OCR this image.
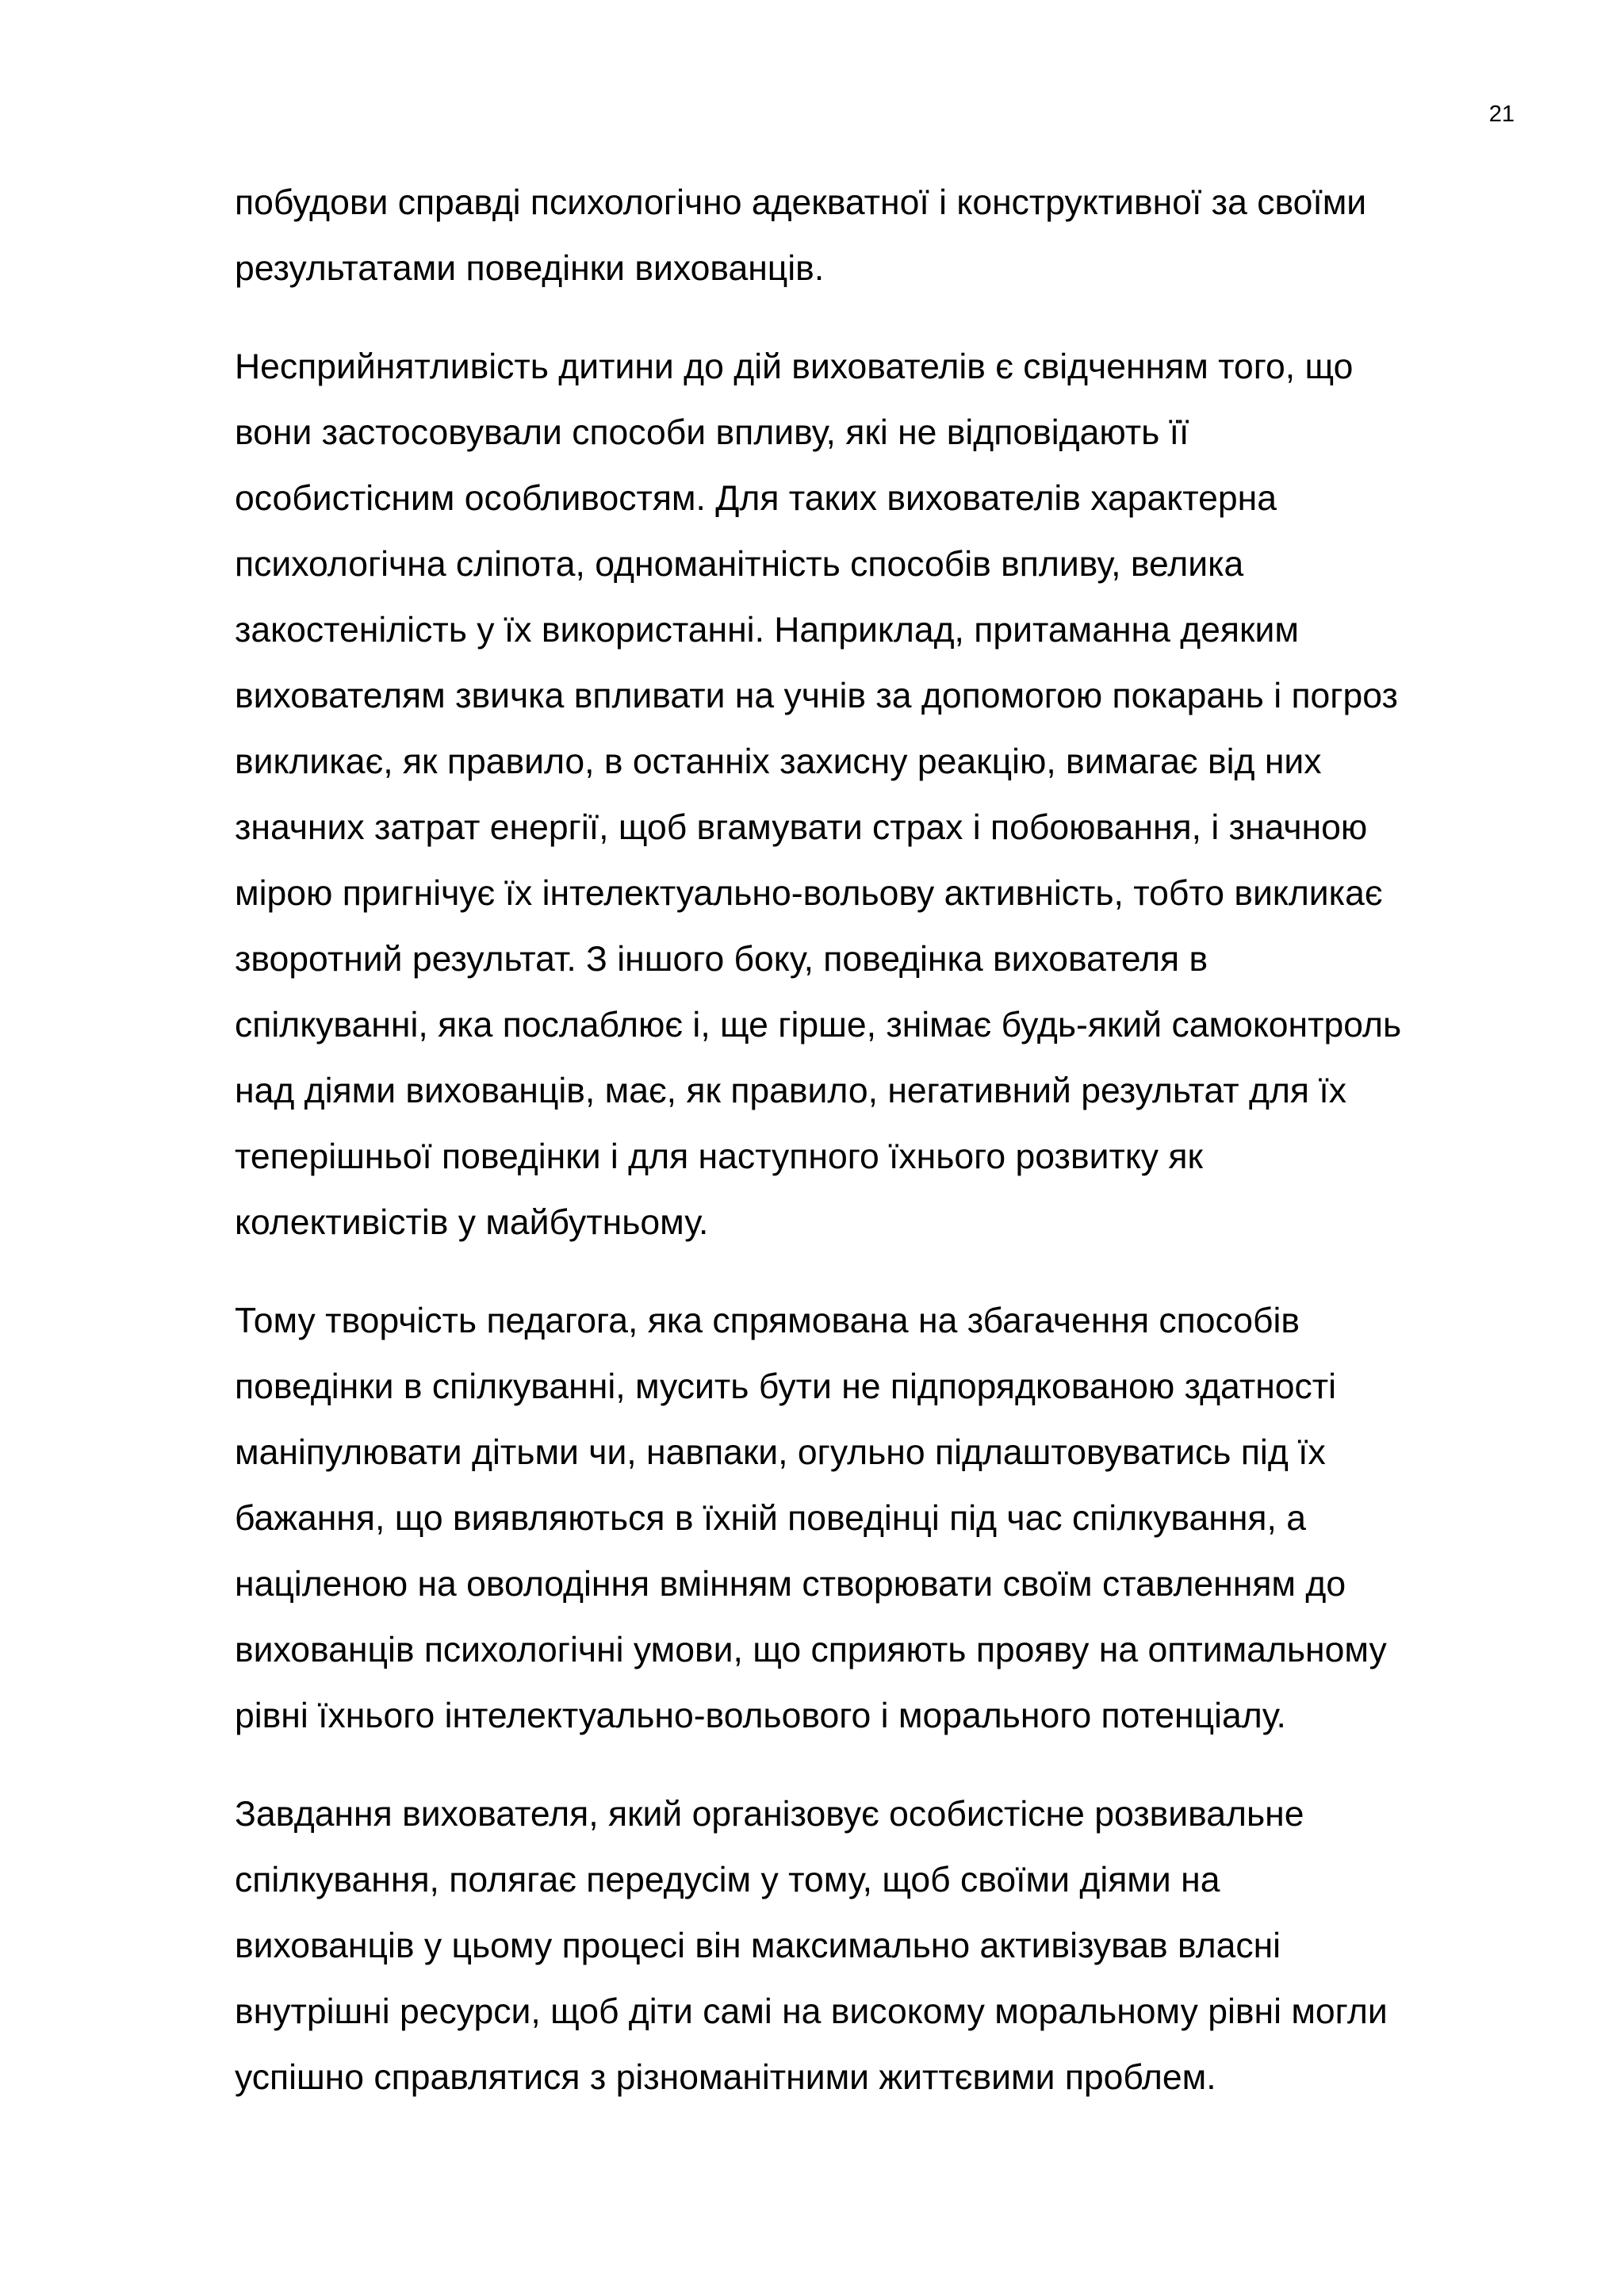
21
побудови справді психологічно адекватної і конструктивної за своїми
результатами поведінки вихованців.
Несприйнятливість дитини до дій вихователів є свідченням того, що
вони застосовували способи впливу, які не відповідають її
особистісним особливостям. Для таких вихователів характерна
психологічна сліпота, одноманітність способів впливу, велика
закостенілість у їх використанні. Наприклад, притаманна деяким
вихователям звичка впливати на учнів за допомогою покарань і погроз
викликає, як правило, в останніх захисну реакцію, вимагає від них
значних затрат енергії, щоб вгамувати страх і побоювання, і значною
мірою пригнічує їх інтелектуально-вольову активність, тобто викликає
зворотний результат. З іншого боку, поведінка вихователя в
спілкуванні, яка послаблює і, ще гірше, знімає будь-який самоконтроль
над діями вихованців, має, як правило, негативний результат для їх
теперішньої поведінки і для наступного їхнього розвитку як
колективістів у майбутньому.
Тому творчість педагога, яка спрямована на збагачення способів
поведінки в спілкуванні, мусить бути не підпорядкованою здатності
маніпулювати дітьми чи, навпаки, огульно підлаштовуватись під їх
бажання, що виявляються в їхній поведінці під час спілкування, а
націленою на оволодіння вмінням створювати своїм ставленням до
вихованців психологічні умови, що сприяють прояву на оптимальному
рівні їхнього інтелектуально-вольового і морального потенціалу.
Завдання вихователя, який організовує особистісне розвивальне
спілкування, полягає передусім у тому, щоб своїми діями на
вихованців у цьому процесі він максимально активізував власні
внутрішні ресурси, щоб діти самі на високому моральному рівні могли
успішно справлятися з різноманітними життєвими проблем.
